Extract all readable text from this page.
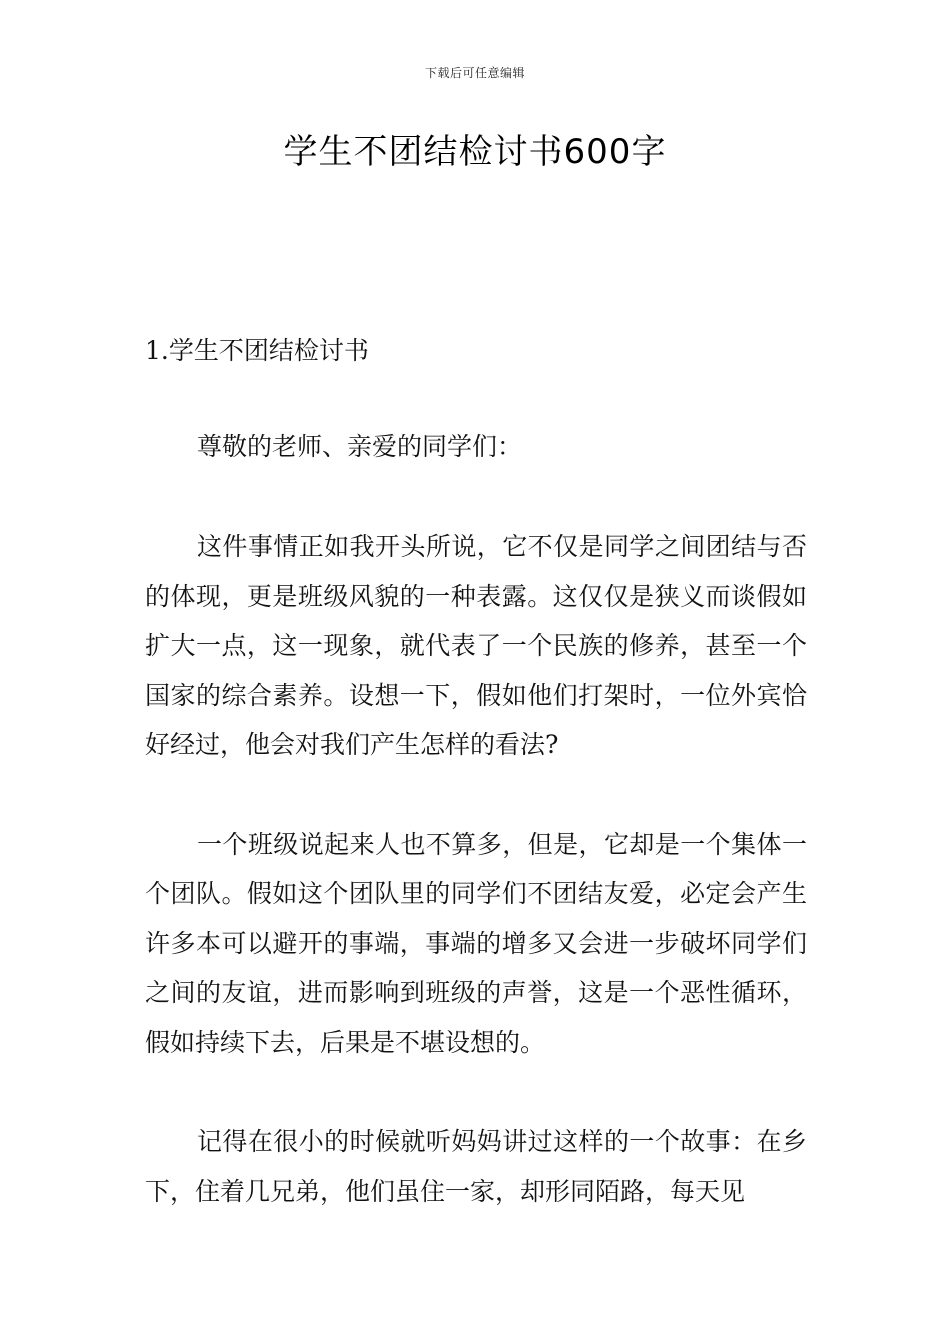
下载后可任意编辑
学生不团结检讨书600字

1.学生不团结检讨书

尊敬的老师、亲爱的同学们：

这件事情正如我开头所说，它不仅是同学之间团结与否的体现，更是班级风貌的一种表露。这仅仅是狭义而谈假如扩大一点，这一现象，就代表了一个民族的修养，甚至一个国家的综合素养。设想一下，假如他们打架时，一位外宾恰好经过，他会对我们产生怎样的看法?

一个班级说起来人也不算多，但是，它却是一个集体一个团队。假如这个团队里的同学们不团结友爱，必定会产生许多本可以避开的事端，事端的增多又会进一步破坏同学们之间的友谊，进而影响到班级的声誉，这是一个恶性循环，假如持续下去，后果是不堪设想的。

记得在很小的时候就听妈妈讲过这样的一个故事：在乡下，住着几兄弟，他们虽住一家，却形同陌路，每天见
